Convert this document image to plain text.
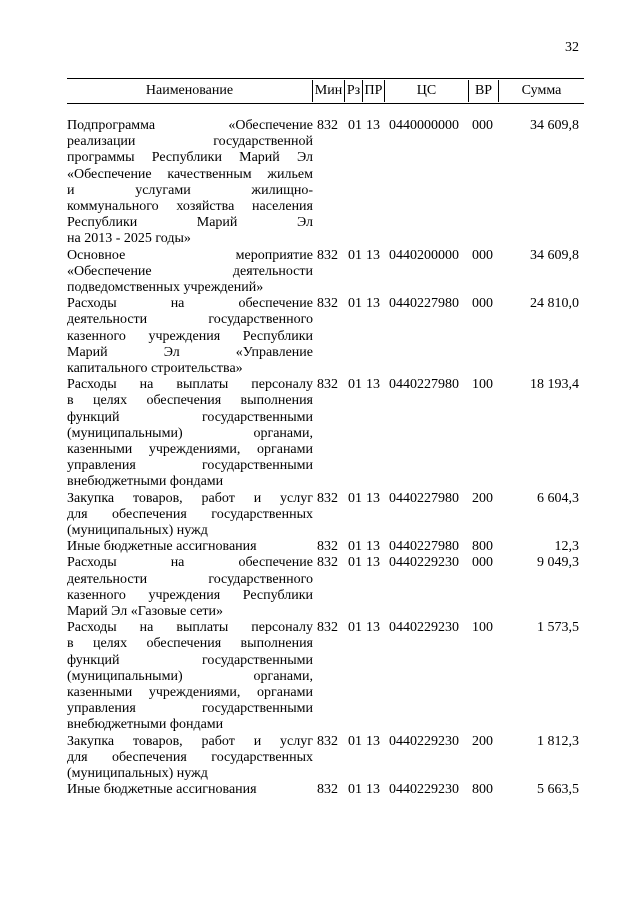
32
Наименование	Мин Рз ПР	ЦС	ВР	Сумма
Подпрограмма «Обеспечение
реализации государственной
программы Республики Марий Эл
«Обеспечение качественным жильем
и услугами жилищно-
коммунального хозяйства населения
Республики Марий Эл
на 2013 - 2025 годы»
832 01 13 0440000000 000	34 609,8
Основное мероприятие
«Обеспечение деятельности
подведомственных учреждений»
832 01 13 0440200000 000	34 609,8
Расходы на обеспечение
деятельности государственного
казенного учреждения Республики
Марий Эл «Управление
капитального строительства»
832 01 13 0440227980 000	24 810,0
Расходы на выплаты персоналу
в целях обеспечения выполнения
функций государственными
(муниципальными) органами,
казенными учреждениями, органами
управления государственными
внебюджетными фондами
832 01 13 0440227980 100	18 193,4
Закупка товаров, работ и услуг
для обеспечения государственных
(муниципальных) нужд
832 01 13 0440227980 200	6 604,3
Иные бюджетные ассигнования	832 01 13 0440227980 800	12,3
Расходы на обеспечение
деятельности государственного
казенного учреждения Республики
Марий Эл «Газовые сети»
832 01 13 0440229230 000	9 049,3
Расходы на выплаты персоналу
в целях обеспечения выполнения
функций государственными
(муниципальными) органами,
казенными учреждениями, органами
управления государственными
внебюджетными фондами
832 01 13 0440229230 100	1 573,5
Закупка товаров, работ и услуг
для обеспечения государственных
(муниципальных) нужд
832 01 13 0440229230 200	1 812,3
Иные бюджетные ассигнования	832 01 13 0440229230 800	5 663,5
